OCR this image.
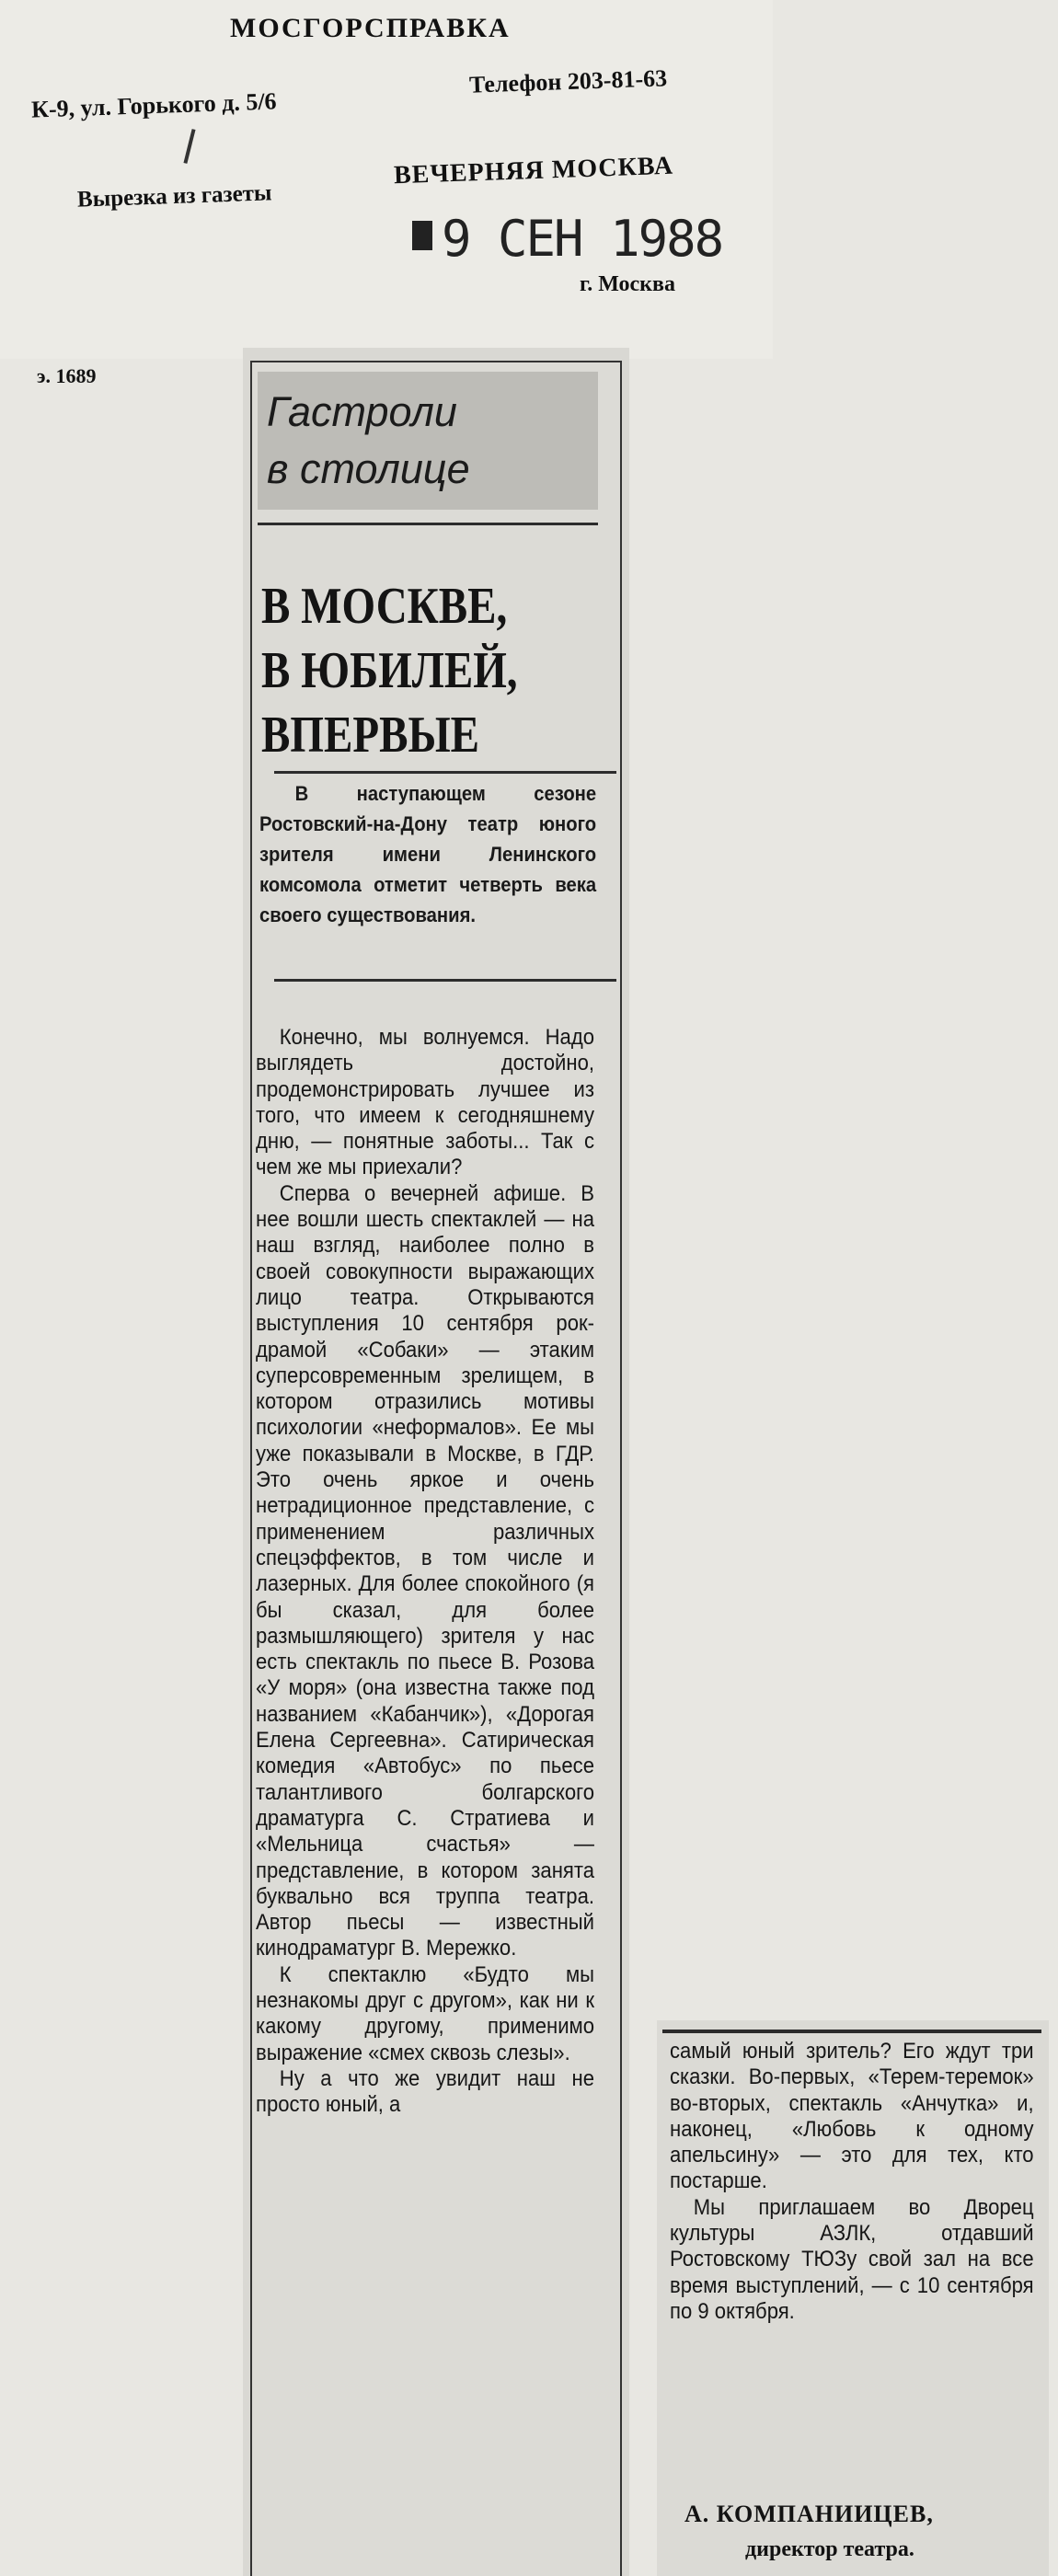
МОСГОРСПРАВКА
К-9, ул. Горького д. 5/6
Телефон 203-81-63
Вырезка из газеты
ВЕЧЕРНЯЯ МОСКВА
9 СЕН 1988
г. Москва
э. 1689
Гастроли
в столице
В МОСКВЕ,
В ЮБИЛЕЙ,
ВПЕРВЫЕ
В наступающем сезоне Ростовский-на-Дону театр юного зрителя имени Ленинского комсомола отметит четверть века своего существования.

Конечно, мы волнуемся. Надо выглядеть достойно, продемонстрировать лучшее из того, что имеем к сегодняшнему дню, — понятные заботы... Так с чем же мы приехали?

Сперва о вечерней афише. В нее вошли шесть спектаклей — на наш взгляд, наиболее полно в своей совокупности выражающих лицо театра. Открываются выступления 10 сентября рок-драмой «Собаки» — этаким суперсовременным зрелищем, в котором отразились мотивы психологии «неформалов». Ее мы уже показывали в Москве, в ГДР. Это очень яркое и очень нетрадиционное представление, с применением различных спецэффектов, в том числе и лазерных. Для более спокойного (я бы сказал, для более размышляющего) зрителя у нас есть спектакль по пьесе В. Розова «У моря» (она известна также под названием «Кабанчик»), «Дорогая Елена Сергеевна». Сатирическая комедия «Автобус» по пьесе талантливого болгарского драматурга С. Стратиева и «Мельница счастья» — представление, в котором занята буквально вся труппа театра. Автор пьесы — известный кинодраматург В. Мережко.

К спектаклю «Будто мы незнакомы друг с другом», как ни к какому другому, применимо выражение «смех сквозь слезы».

Ну а что же увидит наш не просто юный, а

самый юный зритель? Его ждут три сказки. Во-первых, «Терем-теремок» во-вторых, спектакль «Анчутка» и, наконец, «Любовь к одному апельсину» — это для тех, кто постарше.

Мы приглашаем во Дворец культуры АЗЛК, отдавший Ростовскому ТЮЗу свой зал на все время выступлений, — с 10 сентября по 9 октября.

А. КОМПАНИИЦЕВ,
директор театра.
